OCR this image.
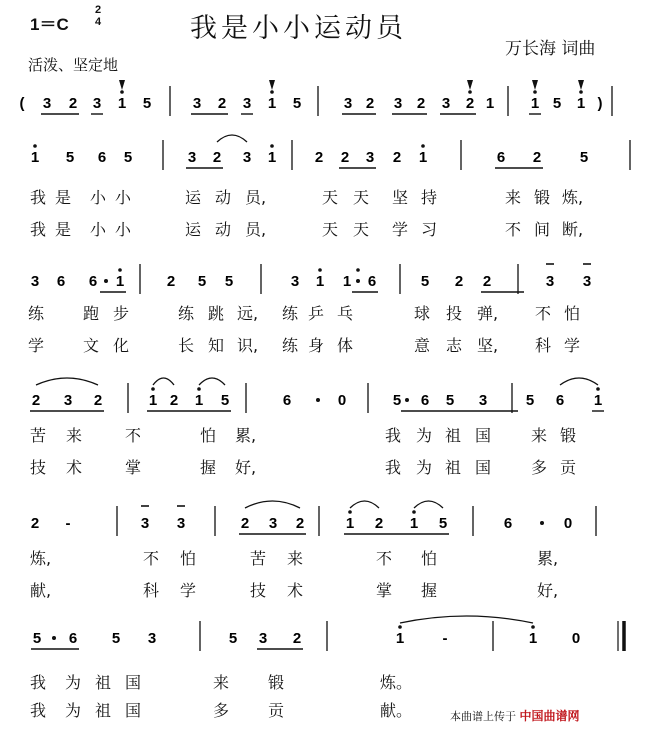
1＝C
2
4	我是小小运动员
万长海 词曲
活泼、坚定地
( 3 2 3 1 5	3 2 3 1 5	3 2 3 2 3 2 1 1 5 1 )
1 5 6 5	3 2 3 1	2 2 3 2 1	6 2	5
3 6 6 1	2 5 5	3 1 1 6	5 2 2	3 3
2 3 2	1 2 1 5	6	0	5 6 5 3	5 6 1
2 -	3 3	2 3 2	1 2 1 5	6	0
5 6 5 3	5 3 2	1	-	1 0
我 是 小 小	运 动 员,	天 天 坚 持	来 锻 炼,
我 是 小 小	运 动 员,	天 天 学 习	不 间 断,
练 跑 步	练 跳 远, 练 乒 乓	球 投 弹, 不 怕
学 文 化	长 知 识, 练 身 体	意 志 坚, 科 学
苦 来	不	怕 累,	我 为 祖 国 来 锻
技 术	掌	握 好,	我 为 祖 国 多 贡
炼,	不 怕	苦 来	不 怕	累,
献,	科 学	技 术	掌 握	好,
我 为 祖 国	来 锻	炼。
我 为 祖 国	多 贡	献。	本曲谱上传于 中国曲谱网
